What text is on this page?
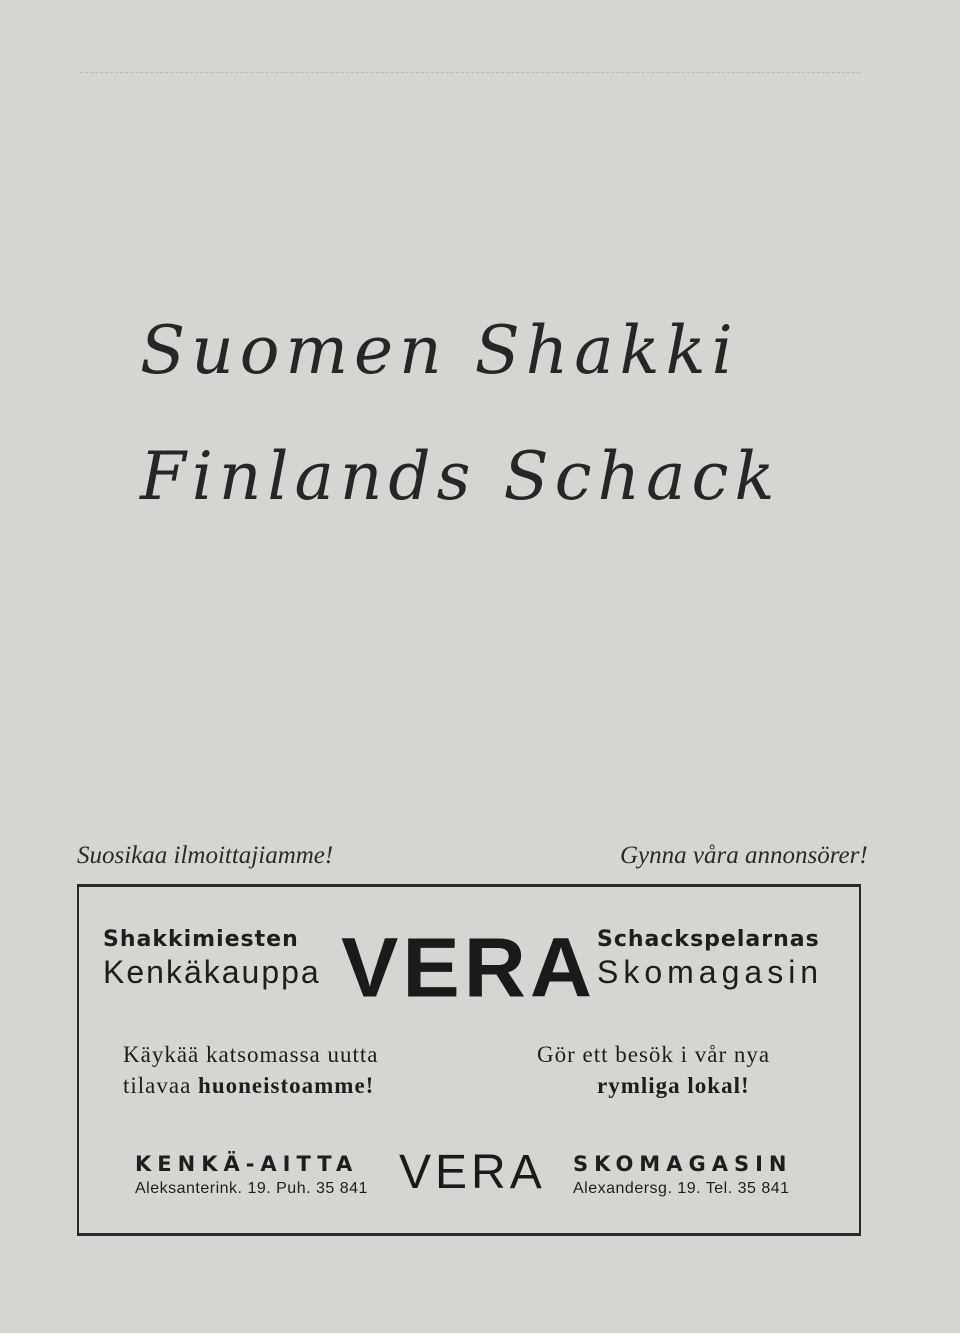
Suomen Shakki
Finlands Schack
Suosikaa ilmoittajiamme!	Gynna våra annonsörer!
Shakkimiesten
Kenkäkauppa VERA Schackspelarnas
Skomagasin
Käykää katsomassa uutta
tilavaa huoneistoamme!
Gör ett besök i vår nya
rymliga lokal!
KENKÄ-AITTA
Aleksanterink. 19. Puh. 35 841 VERA SKOMAGASIN
Alexandersg. 19. Tel. 35 841
